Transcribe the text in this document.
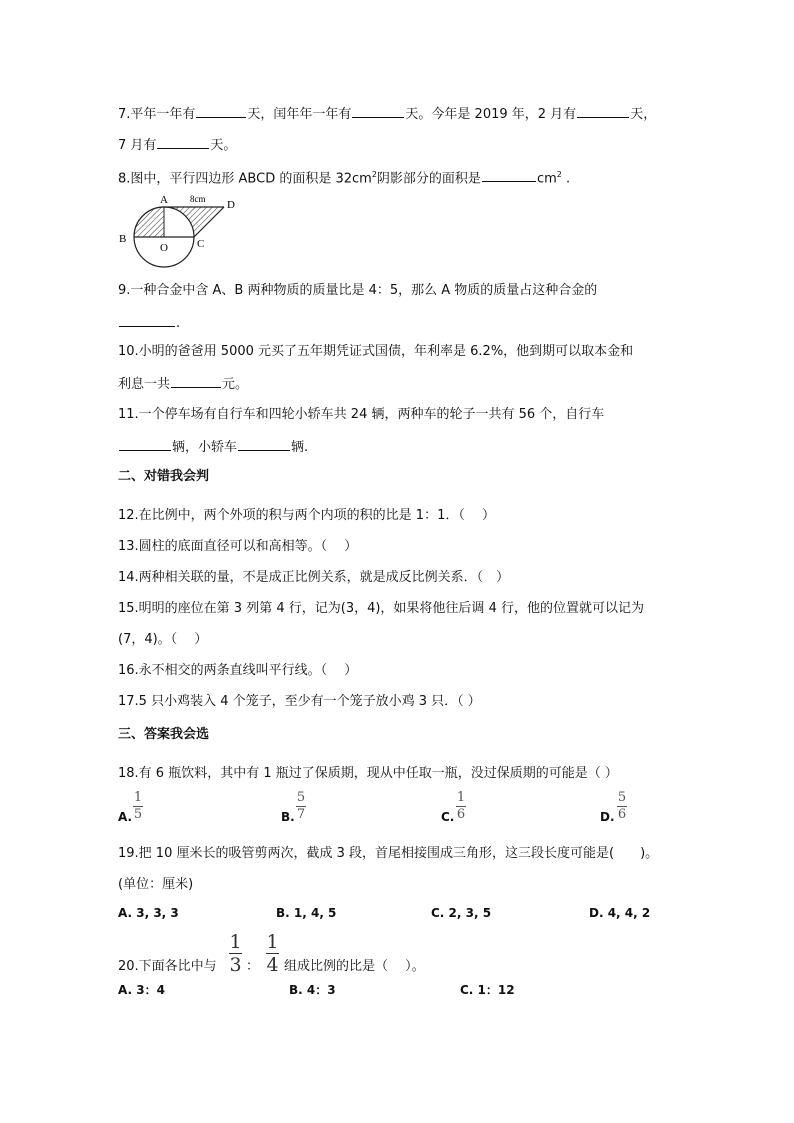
7.平年一年有	天，闰年年一年有	天。今年是 2019 年，2 月有	天，
7 月有	天。
8.图中，平行四边形 ABCD 的面积是 $32cm^2$阴影部分的面积是	$cm^2$ .
A
B	C
D
O
8cm
9.一种合金中含 A、B 两种物质的质量比是 4：5，那么 A 物质的质量占这种合金的
.
10.小明的爸爸用 5000 元买了五年期凭证式国债，年利率是 6.2%，他到期可以取本金和
利息一共	元。
11.一个停车场有自行车和四轮小轿车共 24 辆，两种车的轮子一共有 56 个，自行车
辆，小轿车	辆.
二、对错我会判
12.在比例中，两个外项的积与两个内项的积的比是 1：1．（　 ）
13.圆柱的底面直径可以和高相等。（　 ）
14.两种相关联的量，不是成正比例关系，就是成反比例关系．（　）
15.明明的座位在第 3 列第 4 行，记为(3，4)，如果将他往后调 4 行，他的位置就可以记为
(7，4)。（　 ）
16.永不相交的两条直线叫平行线。（　 ）
17.5 只小鸡装入 4 个笼子，至少有一个笼子放小鸡 3 只．（ ）
三、答案我会选
18.有 6 瓶饮料，其中有 1 瓶过了保质期，现从中任取一瓶，没过保质期的可能是（ ）
A.
1
5	B.
5
7	C.
1
6	D.
5
6
19.把 10 厘米长的吸管剪两次，截成 3 段，首尾相接围成三角形，这三段长度可能是(　　)。
(单位：厘米)
A. 3, 3, 3	B. 1, 4, 5	C. 2, 3, 5	D. 4, 4, 2
20.下面各比中与
1
3 ：
1
4 组成比例的比是（　 ）。
A. 3：4	B. 4：3	C. 1：12
